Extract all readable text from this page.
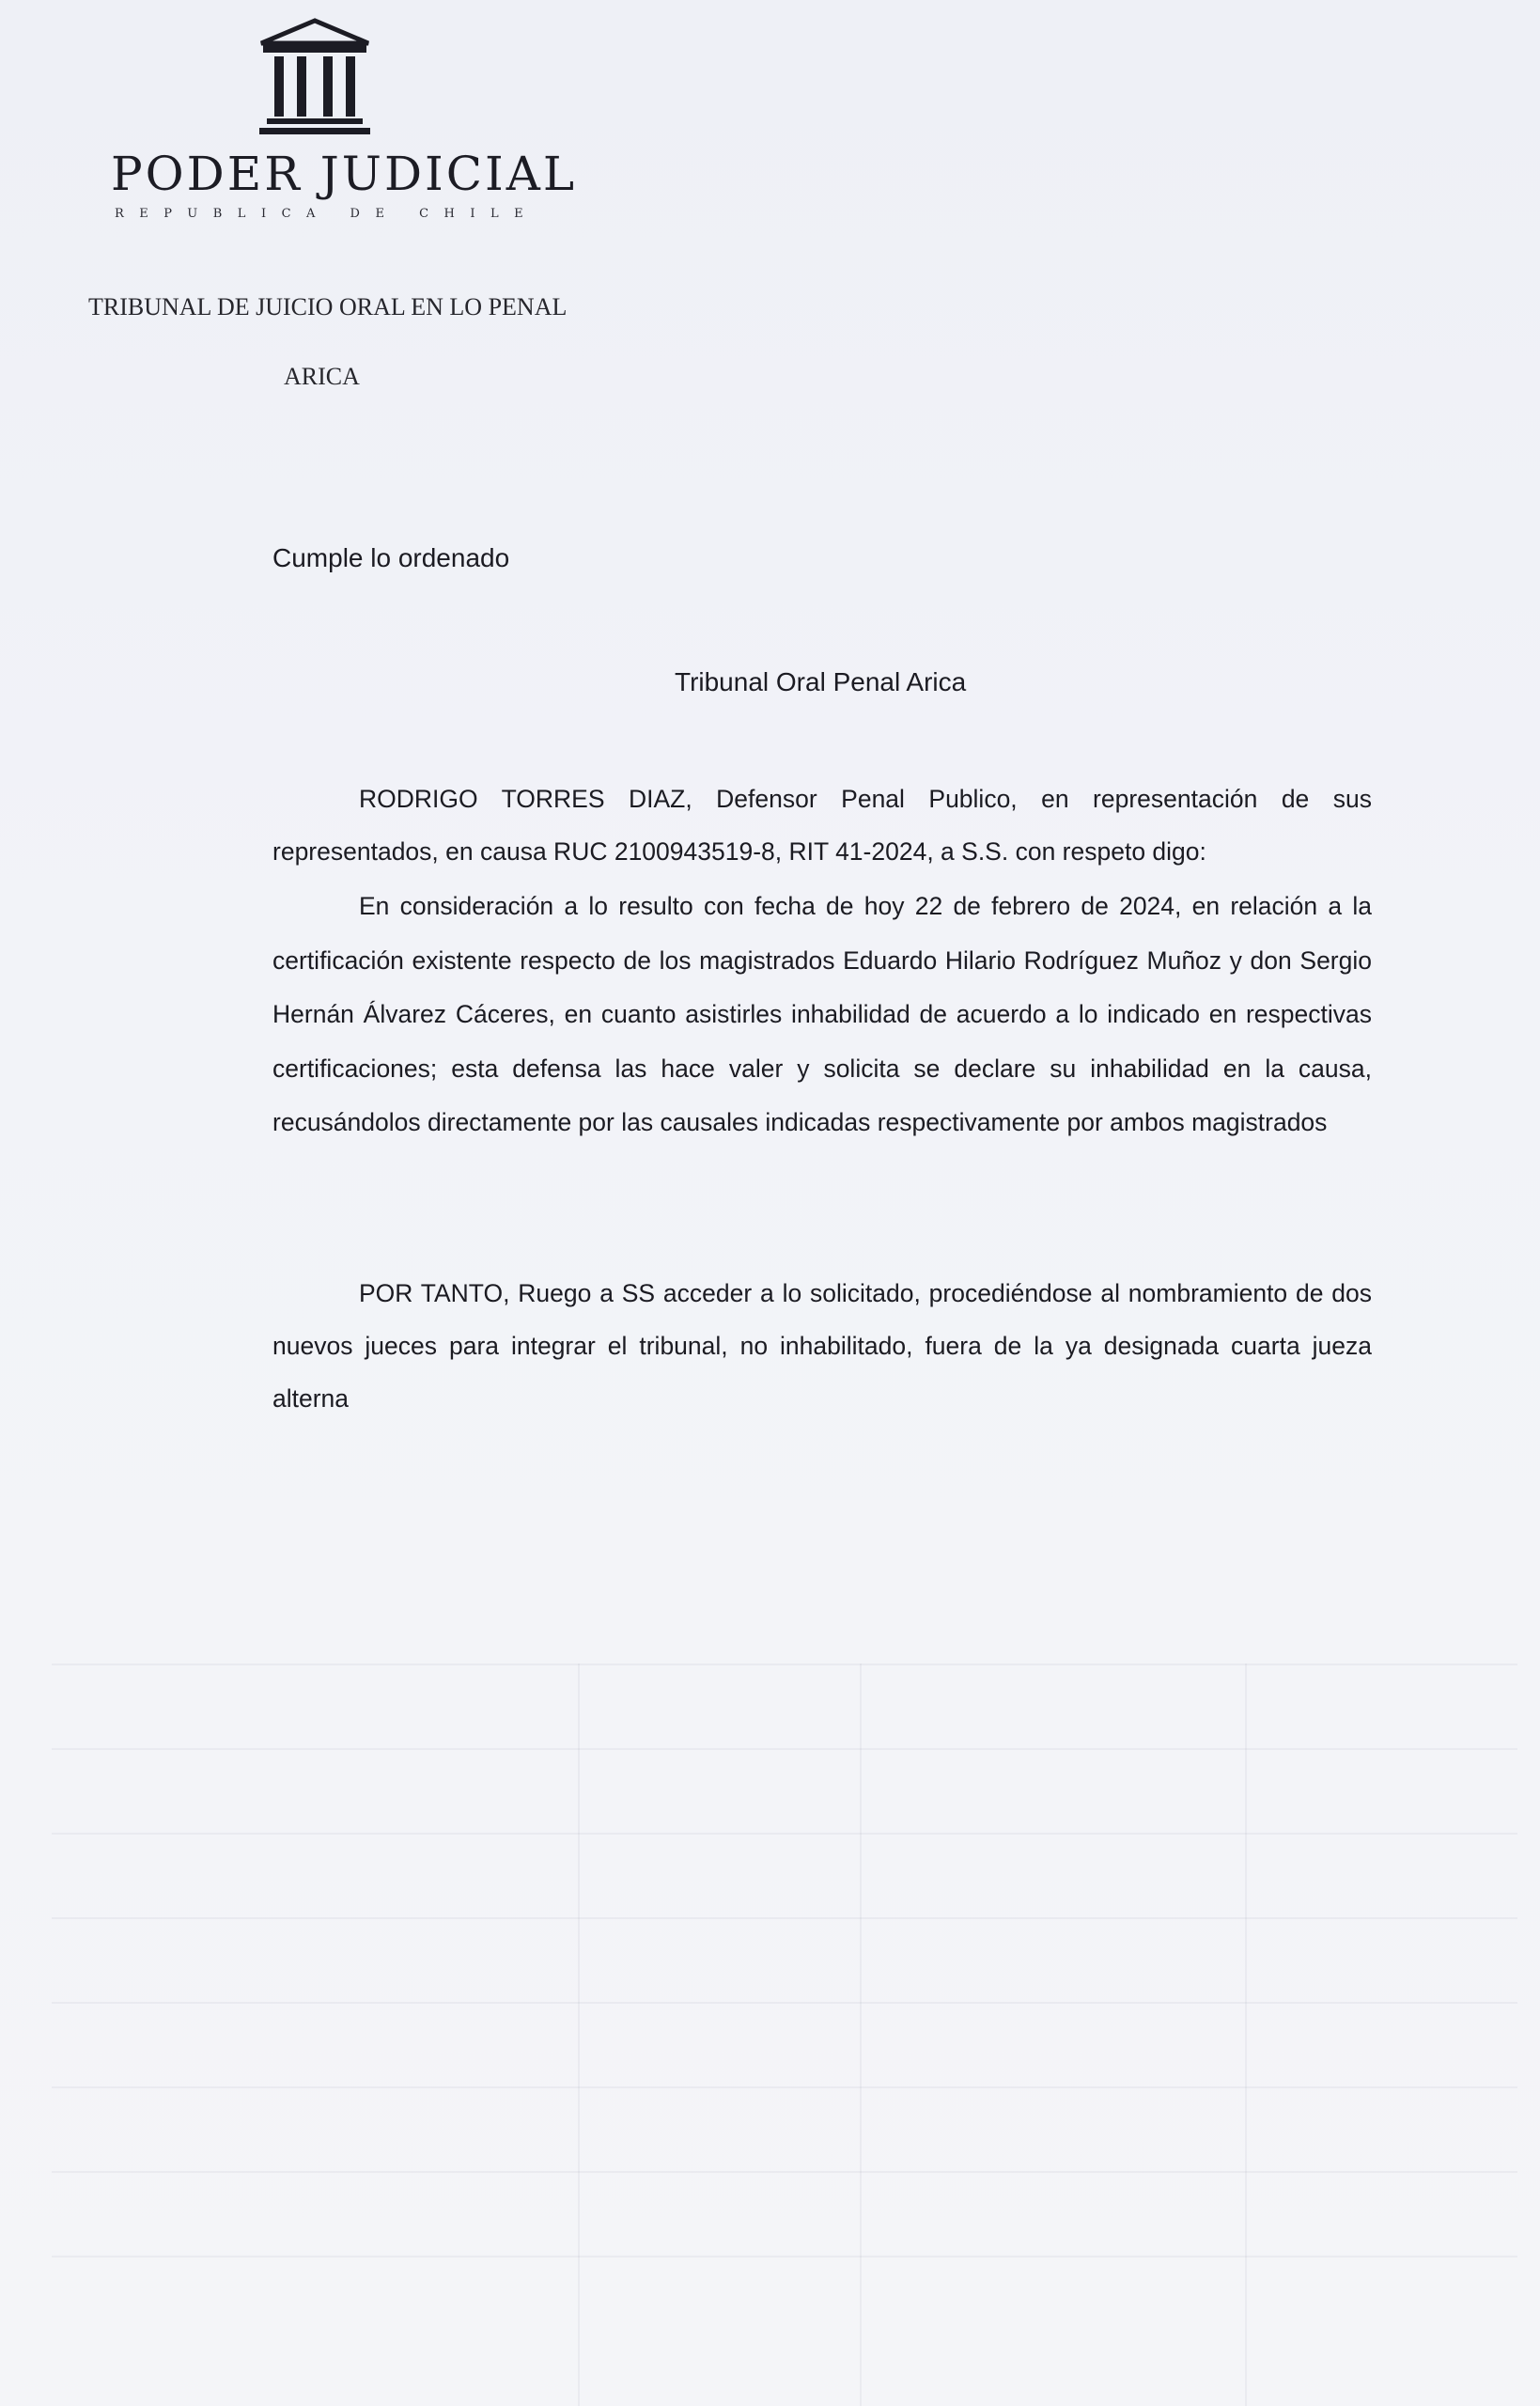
PODER JUDICIAL
REPUBLICA DE CHILE
TRIBUNAL DE JUICIO ORAL EN LO PENAL
ARICA
Cumple lo ordenado
Tribunal Oral Penal Arica
RODRIGO TORRES DIAZ, Defensor Penal Publico, en representación de sus representados, en causa RUC 2100943519-8, RIT 41-2024, a S.S. con respeto digo:
En consideración a lo resulto con fecha de hoy 22 de febrero de 2024, en relación a la certificación existente respecto de los magistrados Eduardo Hilario Rodríguez Muñoz y don Sergio Hernán Álvarez Cáceres, en cuanto asistirles inhabilidad de acuerdo a lo indicado en respectivas certificaciones; esta defensa las hace valer y solicita se declare su inhabilidad en la causa, recusándolos directamente por las causales indicadas respectivamente por ambos magistrados
POR TANTO, Ruego a SS acceder a lo solicitado, procediéndose al nombramiento de dos nuevos jueces para integrar el tribunal, no inhabilitado, fuera de la ya designada cuarta jueza alterna
